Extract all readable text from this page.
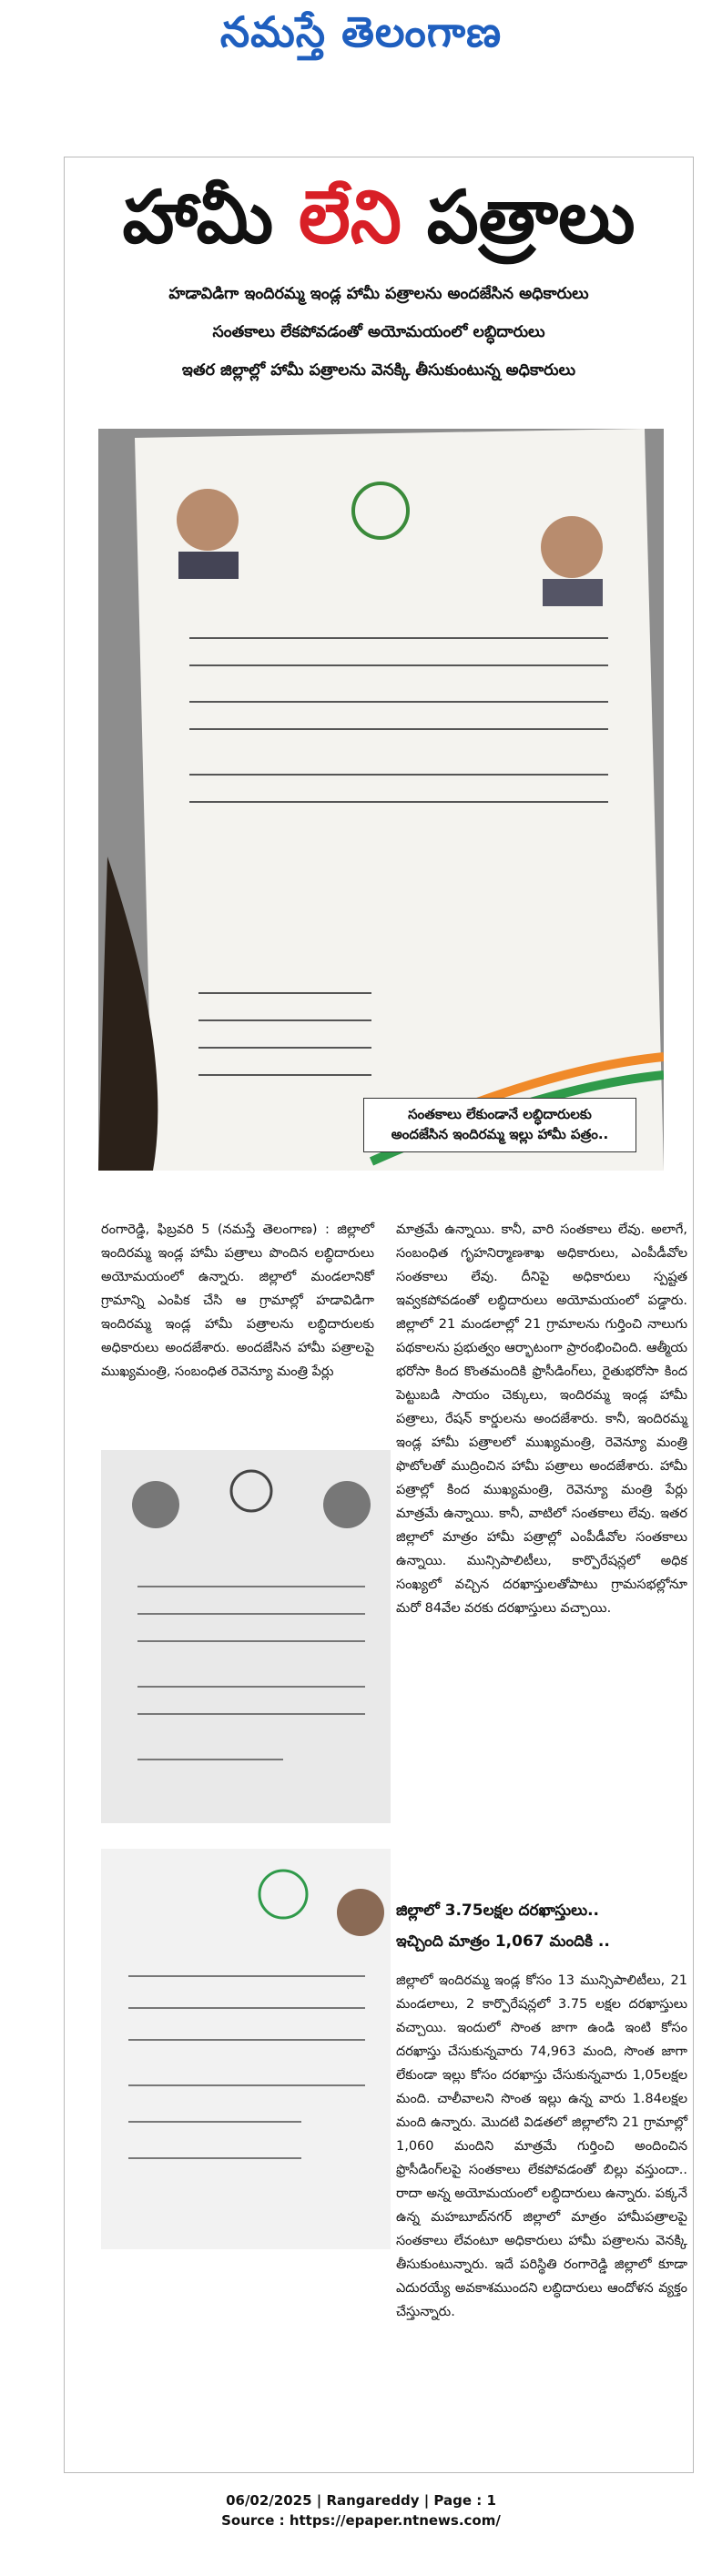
నమస్తే తెలంగాణ
హామీ లేని పత్రాలు
హడావిడిగా ఇందిరమ్మ ఇండ్ల హామీ పత్రాలను అందజేసిన అధికారులు
సంతకాలు లేకపోవడంతో అయోమయంలో లబ్ధిదారులు
ఇతర జిల్లాల్లో హామీ పత్రాలను వెనక్కి తీసుకుంటున్న అధికారులు
సంతకాలు లేకుండానే లబ్ధిదారులకు
అందజేసిన ఇందిరమ్మ ఇల్లు హామీ పత్రం..

రంగారెడ్డి, ఫిబ్రవరి 5 (నమస్తే తెలంగాణ) : జిల్లాలో ఇందిరమ్మ ఇండ్ల హామీ పత్రాలు పొందిన లబ్ధిదారులు అయోమయంలో ఉన్నారు. జిల్లాలో మండలానికో గ్రామాన్ని ఎంపిక చేసి ఆ గ్రామాల్లో హడావిడిగా ఇందిరమ్మ ఇండ్ల హామీ పత్రాలను లబ్ధిదారులకు అధికారులు అందజేశారు. అందజేసిన హామీ పత్రాలపై ముఖ్యమంత్రి, సంబంధిత రెవెన్యూ మంత్రి పేర్లు

మాత్రమే ఉన్నాయి. కానీ, వారి సంతకాలు లేవు. అలాగే, సంబంధిత గృహనిర్మాణశాఖ అధికారులు, ఎంపీడీవోల సంతకాలు లేవు. దీనిపై అధికారులు స్పష్టత ఇవ్వకపోవడంతో లబ్ధిదారులు అయోమయంలో పడ్డారు. జిల్లాలో 21 మండలాల్లో 21 గ్రామాలను గుర్తించి నాలుగు పథకాలను ప్రభుత్వం ఆర్భాటంగా ప్రారంభించింది. ఆత్మీయ భరోసా కింద కొంతమందికి ఫ్రొసీడింగ్‌లు, రైతుభరోసా కింద పెట్టుబడి సాయం చెక్కులు, ఇందిరమ్మ ఇండ్ల హామీ పత్రాలు, రేషన్ కార్డులను అందజేశారు. కానీ, ఇందిరమ్మ ఇండ్ల హామీ పత్రాలలో ముఖ్యమంత్రి, రెవెన్యూ మంత్రి ఫొటోలతో ముద్రించిన హామీ పత్రాలు అందజేశారు. హామీ పత్రాల్లో కింద ముఖ్యమంత్రి, రెవెన్యూ మంత్రి పేర్లు మాత్రమే ఉన్నాయి. కానీ, వాటిలో సంతకాలు లేవు. ఇతర జిల్లాలో మాత్రం హామీ పత్రాల్లో ఎంపీడీవోల సంతకాలు ఉన్నాయి. మున్సిపాలిటీలు, కార్పొరేషన్లలో అధిక సంఖ్యలో వచ్చిన దరఖాస్తులతోపాటు గ్రామసభల్లోనూ మరో 84వేల వరకు దరఖాస్తులు వచ్చాయి.

జిల్లాలో 3.75లక్షల దరఖాస్తులు..
ఇచ్చింది మాత్రం 1,067 మందికి ..

జిల్లాలో ఇందిరమ్మ ఇండ్ల కోసం 13 మున్సిపాలిటీలు, 21 మండలాలు, 2 కార్పొరేషన్లలో 3.75 లక్షల దరఖాస్తులు వచ్చాయి. ఇందులో సొంత జాగా ఉండి ఇంటి కోసం దరఖాస్తు చేసుకున్నవారు 74,963 మంది, సొంత జాగా లేకుండా ఇల్లు కోసం దరఖాస్తు చేసుకున్నవారు 1,05లక్షల మంది. చాలీవాలని సొంత ఇల్లు ఉన్న వారు 1.84లక్షల మంది ఉన్నారు. మొదటి విడతలో జిల్లాలోని 21 గ్రామాల్లో 1,060 మందిని మాత్రమే గుర్తించి అందించిన ఫ్రొసీడింగ్‌లపై సంతకాలు లేకపోవడంతో బిల్లు వస్తుందా.. రాదా అన్న అయోమయంలో లబ్ధిదారులు ఉన్నారు. పక్కనే ఉన్న మహబూబ్‌నగర్ జిల్లాలో మాత్రం హామీపత్రాలపై సంతకాలు లేవంటూ అధికారులు హామీ పత్రాలను వెనక్కి తీసుకుంటున్నారు. ఇదే పరిస్థితి రంగారెడ్డి జిల్లాలో కూడా ఎదురయ్యే అవకాశముందని లబ్ధిదారులు ఆందోళన వ్యక్తం చేస్తున్నారు.

06/02/2025 | Rangareddy | Page : 1
Source : https://epaper.ntnews.com/
